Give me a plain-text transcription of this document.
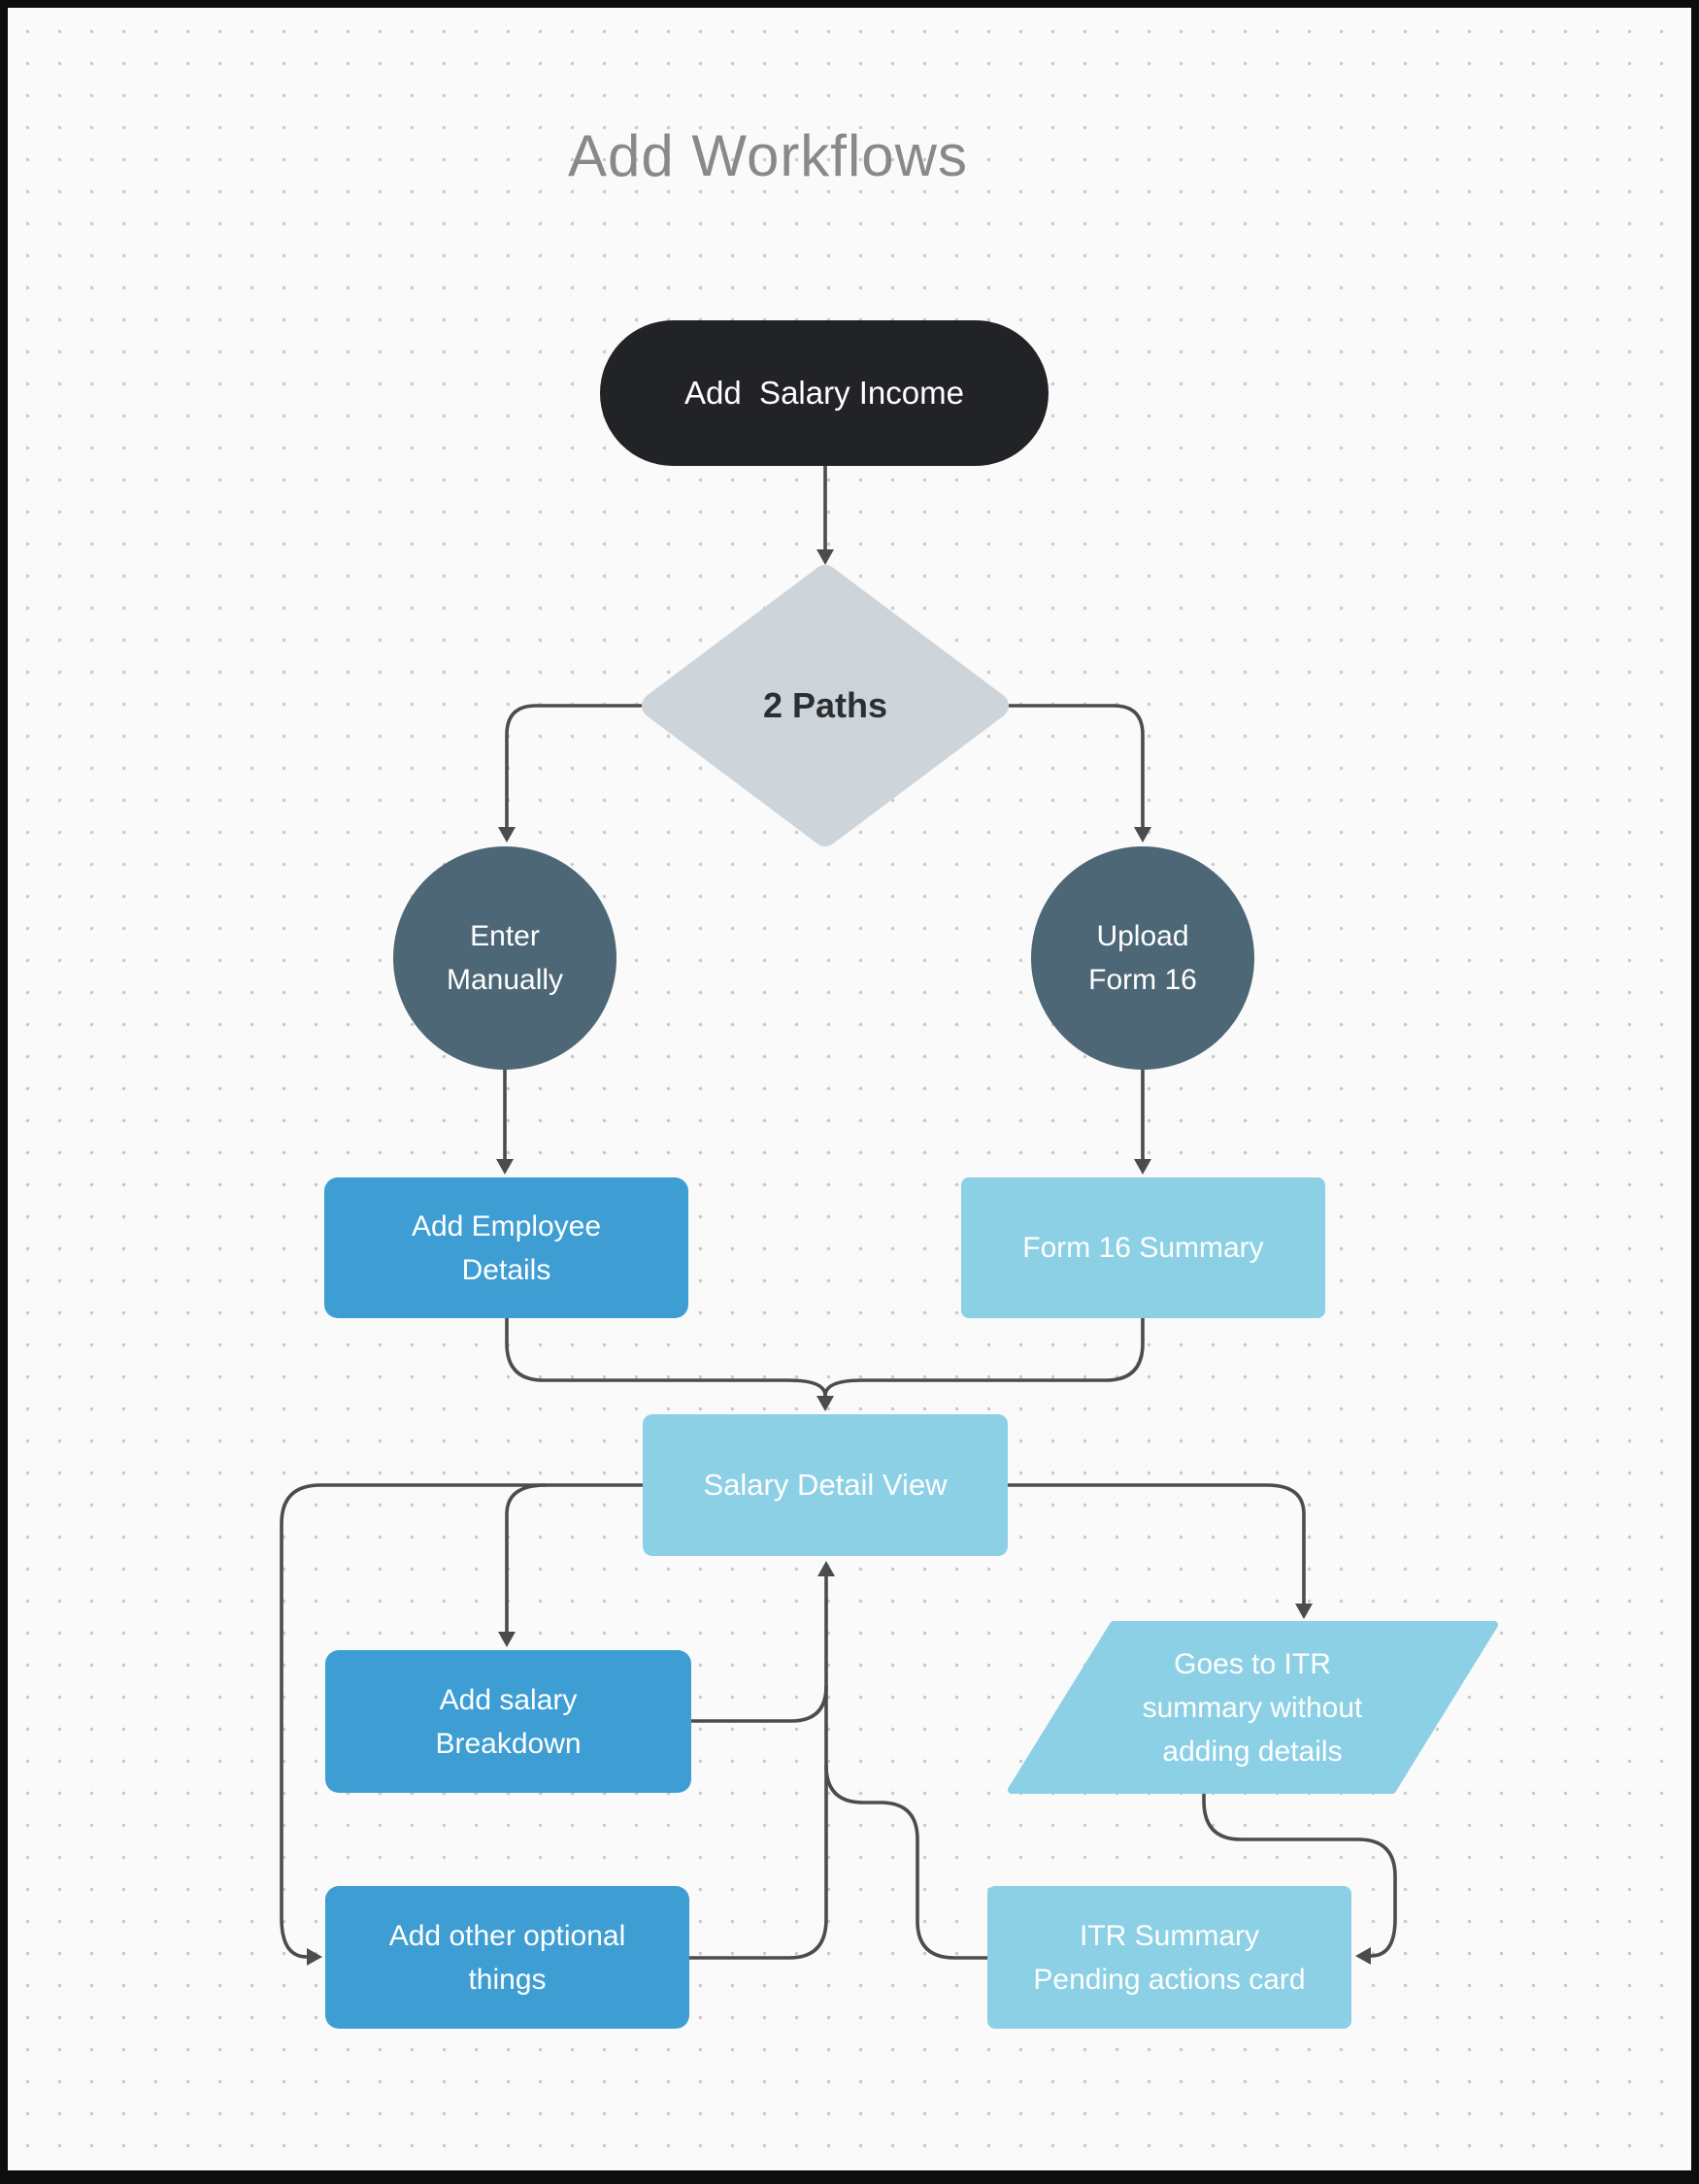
Add Workflows
Add  Salary Income
2 Paths
Enter
Manually
Upload
Form 16
Add Employee
Details
Form 16 Summary
Salary Detail View
Add salary
Breakdown
Goes to ITR
summary without
adding details
Add other optional
things
ITR Summary
Pending actions card
